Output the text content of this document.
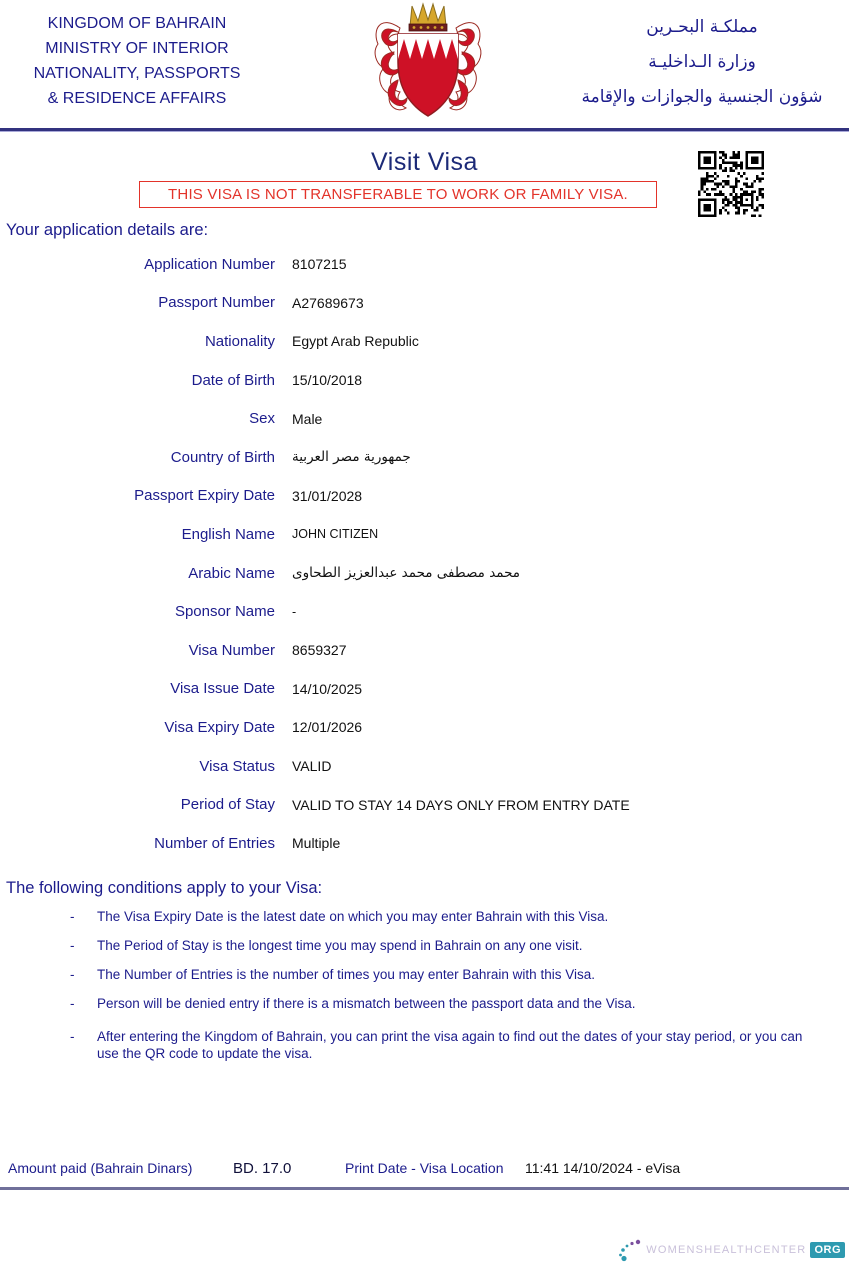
KINGDOM OF BAHRAIN
MINISTRY OF INTERIOR
NATIONALITY, PASSPORTS
& RESIDENCE AFFAIRS
مملكـة البحـرين
وزارة الـداخليـة
شؤون الجنسية والجوازات والإقامة
Visit Visa
THIS VISA IS NOT TRANSFERABLE TO WORK OR FAMILY VISA.
Your application details are:
Application Number 8107215
Passport Number A27689673
Nationality Egypt Arab Republic
Date of Birth 15/10/2018
Sex Male
Country of Birth جمهورية مصر العربية
Passport Expiry Date 31/01/2028
English Name JOHN CITIZEN
Arabic Name محمد مصطفى محمد عبدالعزيز الطحاوى
Sponsor Name -
Visa Number 8659327
Visa Issue Date 14/10/2025
Visa Expiry Date 12/01/2026
Visa Status VALID
Period of Stay VALID TO STAY 14 DAYS ONLY FROM ENTRY DATE
Number of Entries Multiple
The following conditions apply to your Visa:
- The Visa Expiry Date is the latest date on which you may enter Bahrain with this Visa.
- The Period of Stay is the longest time you may spend in Bahrain on any one visit.
- The Number of Entries is the number of times you may enter Bahrain with this Visa.
- Person will be denied entry if there is a mismatch between the passport data and the Visa.
- After entering the Kingdom of Bahrain, you can print the visa again to find out the dates of your stay period, or you can use the QR code to update the visa.
Amount paid (Bahrain Dinars)	BD. 17.0	Print Date - Visa Location 11:41 14/10/2024 - eVisa
WOMENSHEALTHCENTER ORG
